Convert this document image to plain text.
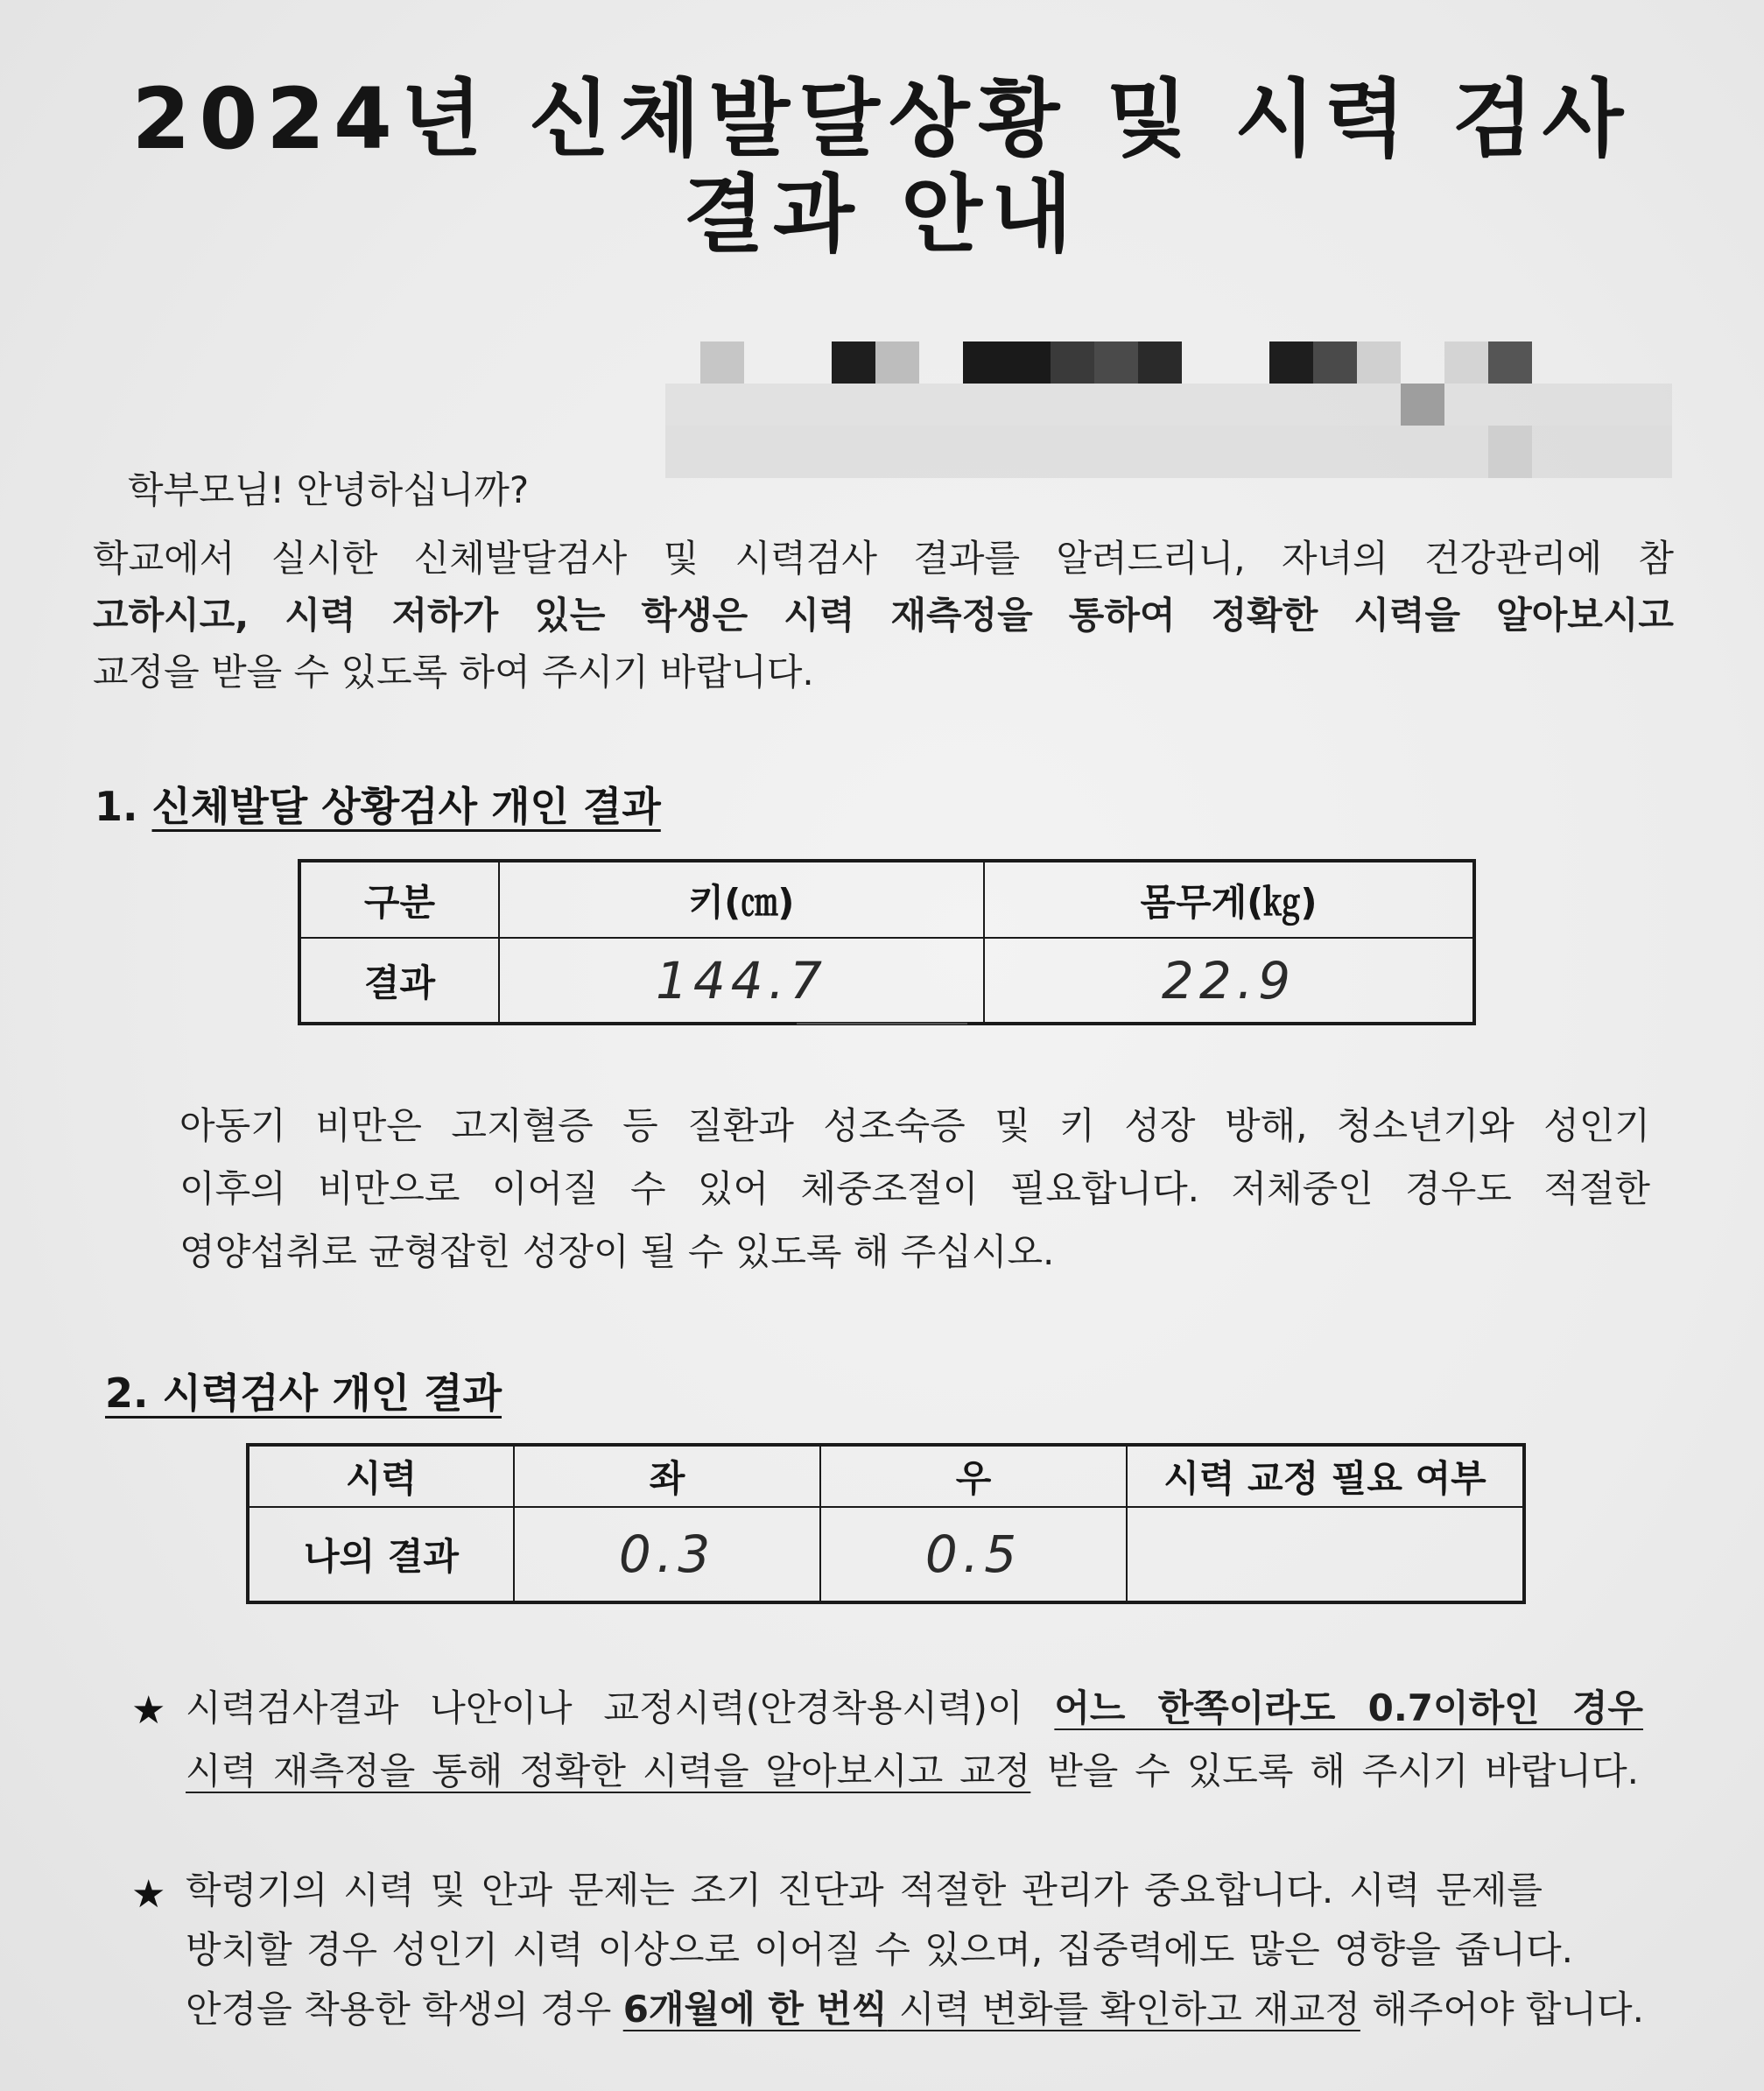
2024년 신체발달상황 및 시력 검사
결과 안내

학부모님! 안녕하십니까?

학교에서 실시한 신체발달검사 및 시력검사 결과를 알려드리니, 자녀의 건강관리에 참

고하시고, 시력 저하가 있는 학생은 시력 재측정을 통하여 정확한 시력을 알아보시고

교정을 받을 수 있도록 하여 주시기 바랍니다.

1. 신체발달 상황검사 개인 결과
구분	키(㎝)	몸무게(㎏)
결과	144.7	22.9

아동기 비만은 고지혈증 등 질환과 성조숙증 및 키 성장 방해, 청소년기와 성인기

이후의 비만으로 이어질 수 있어 체중조절이 필요합니다. 저체중인 경우도 적절한

영양섭취로 균형잡힌 성장이 될 수 있도록 해 주십시오.

2. 시력검사 개인 결과
시력	좌	우	시력 교정 필요 여부
나의 결과	0.3	0.5	
★ 시력검사결과 나안이나 교정시력(안경착용시력)이 어느 한쪽이라도 0.7이하인 경우

시력 재측정을 통해 정확한 시력을 알아보시고 교정 받을 수 있도록 해 주시기 바랍니다.

★ 학령기의 시력 및 안과 문제는 조기 진단과 적절한 관리가 중요합니다. 시력 문제를

방치할 경우 성인기 시력 이상으로 이어질 수 있으며, 집중력에도 많은 영향을 줍니다.

안경을 착용한 학생의 경우 6개월에 한 번씩 시력 변화를 확인하고 재교정 해주어야 합니다.
